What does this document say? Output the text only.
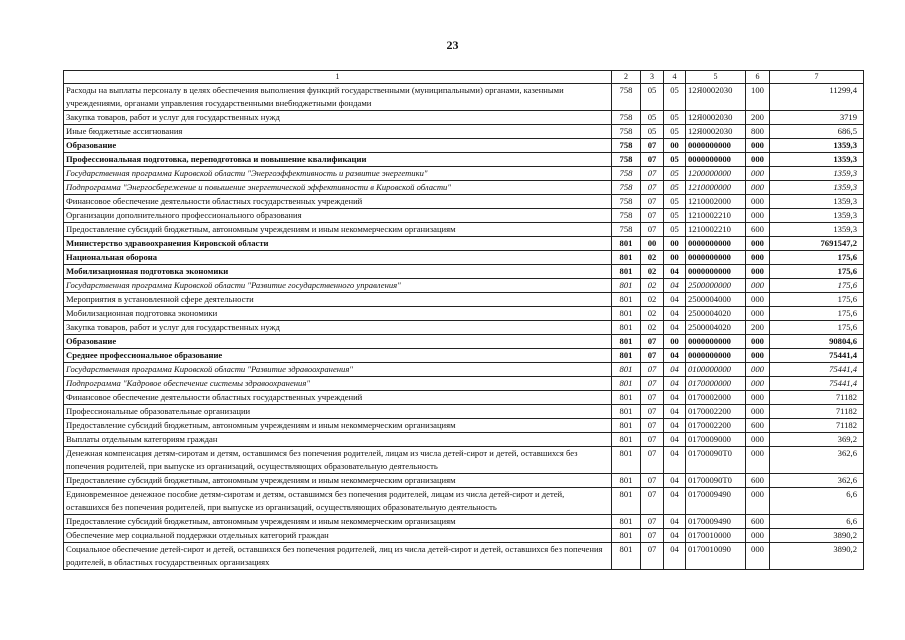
23
1	2	3	4	5	6	7
Расходы на выплаты персоналу в целях обеспечения выполнения функций государственными (муниципальными) органами, казенными учреждениями, органами управления государственными внебюджетными фондами	758	05	05	12Я0002030	100	11299,4
Закупка товаров, работ и услуг для государственных нужд	758	05	05	12Я0002030	200	3719
Иные бюджетные ассигнования	758	05	05	12Я0002030	800	686,5
Образование	758	07	00	0000000000	000	1359,3
Профессиональная подготовка, переподготовка и повышение квалификации	758	07	05	0000000000	000	1359,3
Государственная программа Кировской области "Энергоэффективность и развитие энергетики"	758	07	05	1200000000	000	1359,3
Подпрограмма "Энергосбережение и повышение энергетической эффективности в Кировской области"	758	07	05	1210000000	000	1359,3
Финансовое обеспечение деятельности областных государственных учреждений	758	07	05	1210002000	000	1359,3
Организации дополнительного профессионального образования	758	07	05	1210002210	000	1359,3
Предоставление субсидий бюджетным, автономным учреждениям и иным некоммерческим организациям	758	07	05	1210002210	600	1359,3
Министерство здравоохранения Кировской области	801	00	00	0000000000	000	7691547,2
Национальная оборона	801	02	00	0000000000	000	175,6
Мобилизационная подготовка экономики	801	02	04	0000000000	000	175,6
Государственная программа Кировской области "Развитие государственного управления"	801	02	04	2500000000	000	175,6
Мероприятия в установленной сфере деятельности	801	02	04	2500004000	000	175,6
Мобилизационная подготовка экономики	801	02	04	2500004020	000	175,6
Закупка товаров, работ и услуг для государственных нужд	801	02	04	2500004020	200	175,6
Образование	801	07	00	0000000000	000	90804,6
Среднее профессиональное образование	801	07	04	0000000000	000	75441,4
Государственная программа Кировской области "Развитие здравоохранения"	801	07	04	0100000000	000	75441,4
Подпрограмма "Кадровое обеспечение системы здравоохранения"	801	07	04	0170000000	000	75441,4
Финансовое обеспечение деятельности областных государственных учреждений	801	07	04	0170002000	000	71182
Профессиональные образовательные организации	801	07	04	0170002200	000	71182
Предоставление субсидий бюджетным, автономным учреждениям и иным некоммерческим организациям	801	07	04	0170002200	600	71182
Выплаты отдельным категориям граждан	801	07	04	0170009000	000	369,2
Денежная компенсация детям-сиротам и детям, оставшимся без попечения родителей, лицам из числа детей-сирот и детей, оставшихся без попечения родителей, при выпуске из организаций, осуществляющих образовательную деятельность	801	07	04	01700090Т0	000	362,6
Предоставление субсидий бюджетным, автономным учреждениям и иным некоммерческим организациям	801	07	04	01700090Т0	600	362,6
Единовременное денежное пособие детям-сиротам и детям, оставшимся без попечения родителей, лицам из числа детей-сирот и детей, оставшихся без попечения родителей, при выпуске из организаций, осуществляющих образовательную деятельность	801	07	04	0170009490	000	6,6
Предоставление субсидий бюджетным, автономным учреждениям и иным некоммерческим организациям	801	07	04	0170009490	600	6,6
Обеспечение мер социальной поддержки отдельных категорий граждан	801	07	04	0170010000	000	3890,2
Социальное обеспечение детей-сирот и детей, оставшихся без попечения родителей, лиц из числа детей-сирот и детей, оставшихся без попечения родителей, в областных государственных организациях	801	07	04	0170010090	000	3890,2
